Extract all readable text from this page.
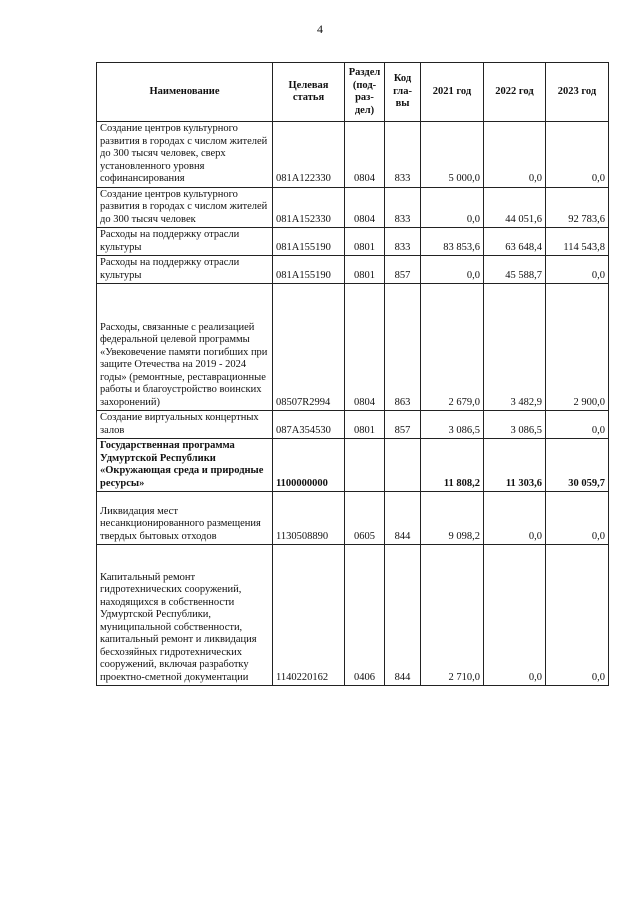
4
Наименование	Целевая статья	Раздел (под-раз-дел)	Код гла-вы	2021 год	2022 год	2023 год
Создание центров культурного развития в городах с числом жителей до 300 тысяч человек, сверх установленного уровня софинансирования	081A122330	0804	833	5 000,0	0,0	0,0
Создание центров культурного развития в городах с числом жителей до 300 тысяч человек	081A152330	0804	833	0,0	44 051,6	92 783,6
Расходы на поддержку отрасли культуры	081A155190	0801	833	83 853,6	63 648,4	114 543,8
Расходы на поддержку отрасли культуры	081A155190	0801	857	0,0	45 588,7	0,0
Расходы, связанные с реализацией федеральной целевой программы «Увековечение памяти погибших при защите Отечества на 2019 - 2024 годы» (ремонтные, реставрационные работы и благоустройство воинских захоронений)	08507R2994	0804	863	2 679,0	3 482,9	2 900,0
Создание виртуальных концертных залов	087A354530	0801	857	3 086,5	3 086,5	0,0
Государственная программа Удмуртской Республики «Окружающая среда и природные ресурсы»	1100000000			11 808,2	11 303,6	30 059,7
Ликвидация мест несанкционированного размещения твердых бытовых отходов	1130508890	0605	844	9 098,2	0,0	0,0
Капитальный ремонт гидротехнических сооружений, находящихся в собственности Удмуртской Республики, муниципальной собственности, капитальный ремонт и ликвидация бесхозяйных гидротехнических сооружений, включая разработку проектно-сметной документации	1140220162	0406	844	2 710,0	0,0	0,0
